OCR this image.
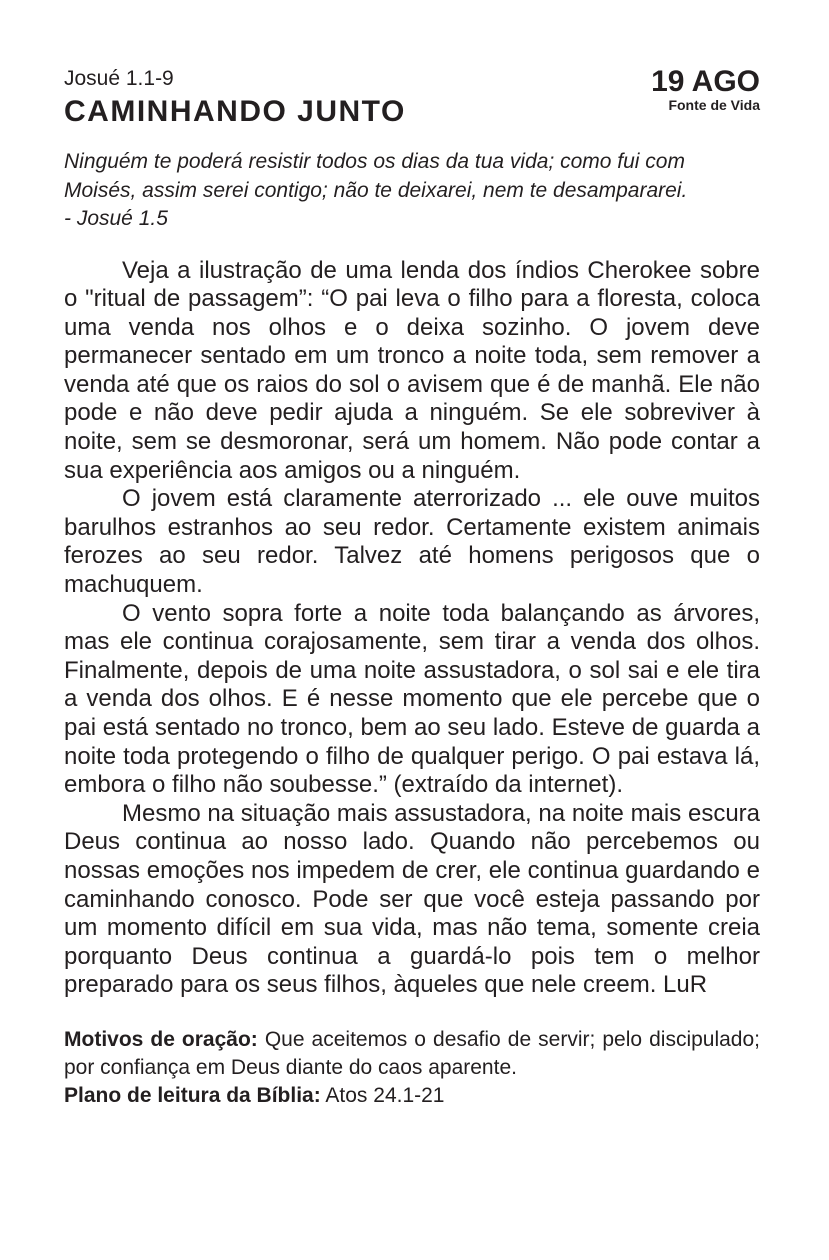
Josué 1.1-9
CAMINHANDO JUNTO
19 AGO
Fonte de Vida
Ninguém te poderá resistir todos os dias da tua vida; como fui com Moisés, assim serei contigo; não te deixarei, nem te desampararei.
- Josué 1.5

Veja a ilustração de uma lenda dos índios Cherokee sobre o "ritual de passagem”: “O pai leva o filho para a floresta, coloca uma venda nos olhos e o deixa sozinho. O jovem deve permanecer sentado em um tronco a noite toda, sem remover a venda até que os raios do sol o avisem que é de manhã. Ele não pode e não deve pedir ajuda a ninguém. Se ele sobreviver à noite, sem se desmoronar, será um homem. Não pode contar a sua experiência aos amigos ou a ninguém.

O jovem está claramente aterrorizado ... ele ouve muitos barulhos estranhos ao seu redor. Certamente existem animais ferozes ao seu redor. Talvez até homens perigosos que o machuquem.

O vento sopra forte a noite toda balançando as árvores, mas ele continua corajosamente, sem tirar a venda dos olhos. Finalmente, depois de uma noite assustadora, o sol sai e ele tira a venda dos olhos. E é nesse momento que ele percebe que o pai está sentado no tronco, bem ao seu lado. Esteve de guarda a noite toda protegendo o filho de qualquer perigo. O pai estava lá, embora o filho não soubesse.” (extraído da internet).

Mesmo na situação mais assustadora, na noite mais escura Deus continua ao nosso lado. Quando não percebemos ou nossas emoções nos impedem de crer, ele continua guardando e caminhando conosco. Pode ser que você esteja passando por um momento difícil em sua vida, mas não tema, somente creia porquanto Deus continua a guardá-lo pois tem o melhor preparado para os seus filhos, àqueles que nele creem. LuR

Motivos de oração: Que aceitemos o desafio de servir; pelo discipulado; por confiança em Deus diante do caos aparente.

Plano de leitura da Bíblia: Atos 24.1-21
